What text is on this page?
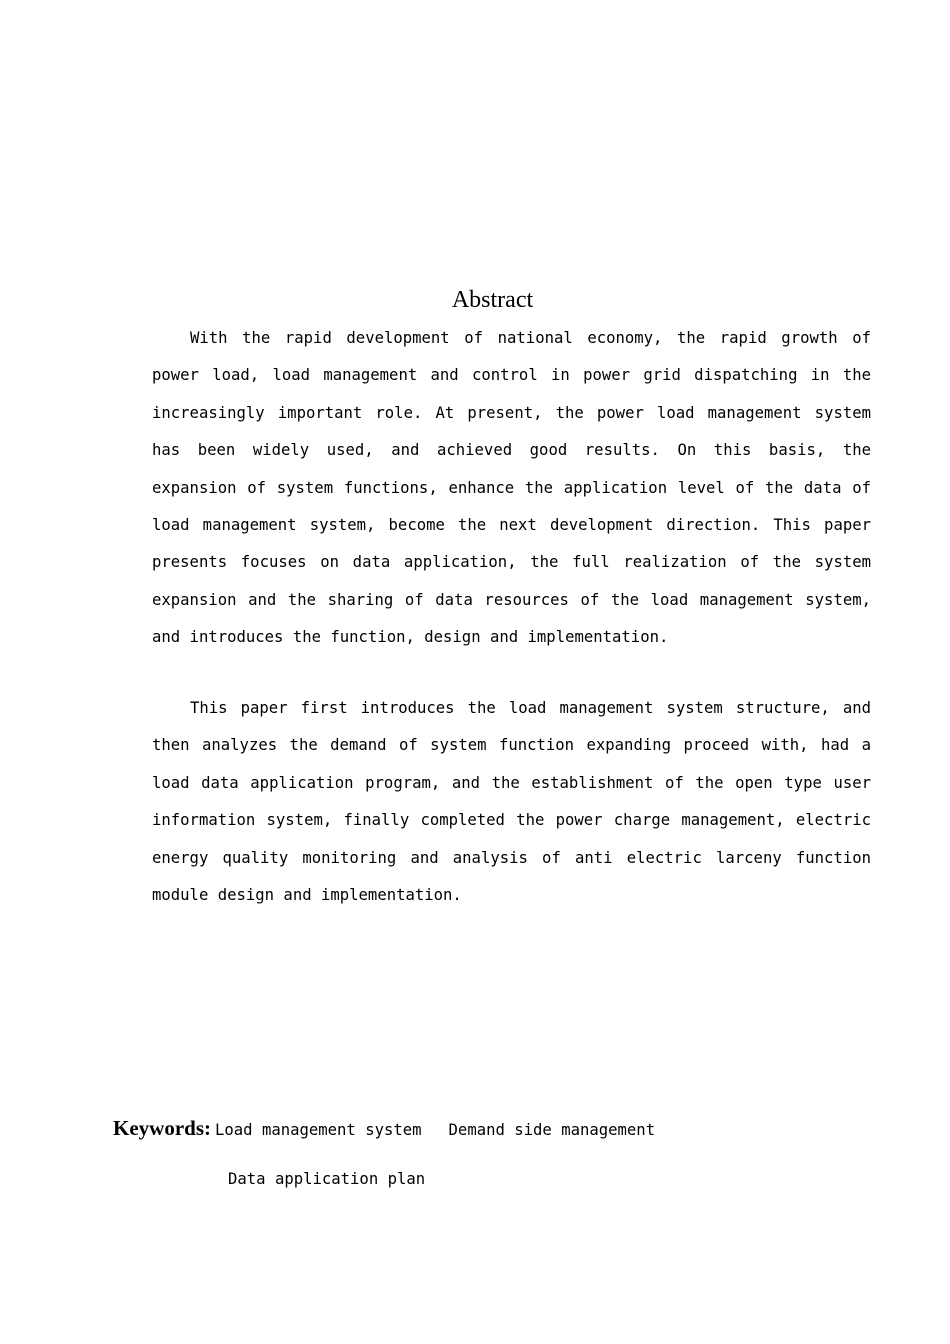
Abstract

With the rapid development of national economy, the rapid growth of power load, load management and control in power grid dispatching in the increasingly important role. At present, the power load management system has been widely used, and achieved good results. On this basis, the expansion of system functions, enhance the application level of the data of load management system, become the next development direction. This paper presents focuses on data application, the full realization of the system expansion and the sharing of data resources of the load management system, and introduces the function, design and implementation.

This paper first introduces the load management system structure, and then analyzes the demand of system function expanding proceed with, had a load data application program, and the establishment of the open type user information system, finally completed the power charge management, electric energy quality monitoring and analysis of anti electric larceny function module design and implementation.

Keywords: Load management system Demand side management
Data application plan
